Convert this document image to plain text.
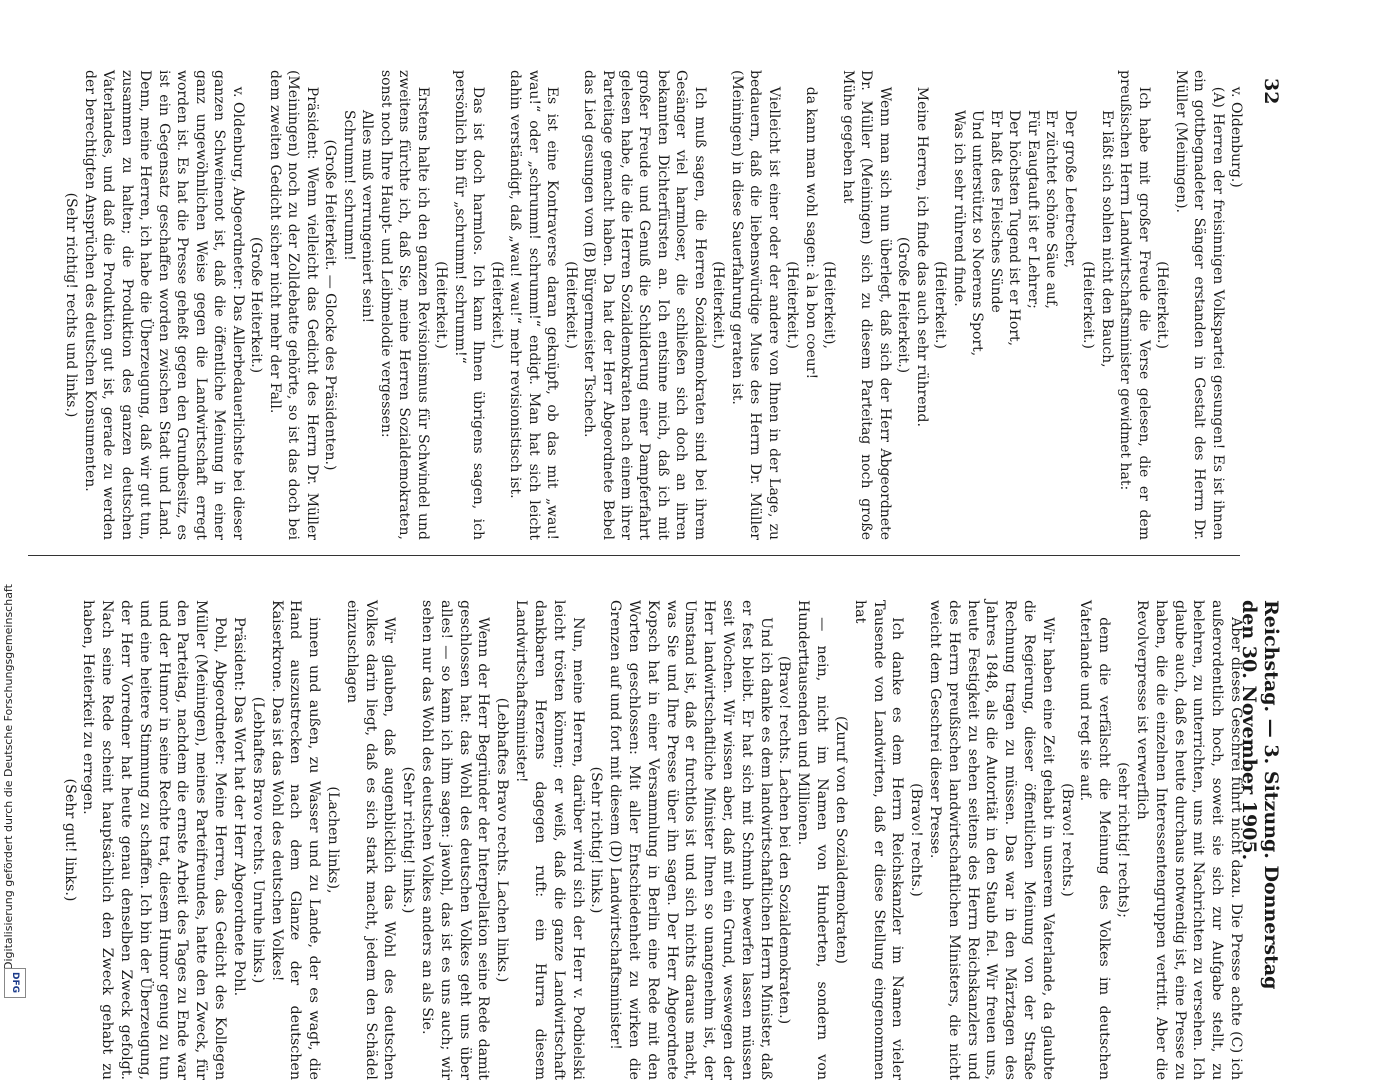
32
Reichstag. — 3. Sitzung. Donnerstag den 30. November 1905.

v. Oldenburg.)

(A) Herren der freisinnigen Volkspartei gesungen! Es ist ihnen ein gottbegnadeter Sänger erstanden in Gestalt des Herrn Dr. Müller (Meiningen).

(Heiterkeit.)

Ich habe mit großer Freude die Verse gelesen, die er dem preußischen Herrn Landwirtschaftsminister gewidmet hat:

Er läßt sich sohlen nicht den Bauch,

(Heiterkeit.)

Der große Leetrecher,

Er züchtet schöne Säue auf,

Für Eaugtauft ist er Lehrer;

Der höchsten Tugend ist er Hort,

Er haßt des Fleisches Sünde

Und unterstützt so Noerens Sport,

Was ich sehr rührend finde.

(Heiterkeit.)

Meine Herren, ich finde das auch sehr rührend.

(Große Heiterkeit.)

Wenn man sich nun überlegt, daß sich der Herr Abgeordnete Dr. Müller (Meiningen) sich zu diesem Parteitag noch große Mühe gegeben hat

(Heiterkeit),

da kann man wohl sagen: à la bon coeur!

(Heiterkeit.)

Vielleicht ist einer oder der andere von Ihnen in der Lage, zu bedauern, daß die liebenswürdige Muse des Herrn Dr. Müller (Meiningen) in diese Sauerfahrung geraten ist.

(Heiterkeit.)

Ich muß sagen, die Herren Sozialdemokraten sind bei ihrem Gesänger viel harmloser, die schließen sich doch an ihren bekannten Dichterfürsten an. Ich entsinne mich, daß ich mit großer Freude und Genuß die Schilderung einer Dampferfahrt gelesen habe, die die Herren Sozialdemokraten nach einem ihrer Parteitage gemacht haben. Da hat der Herr Abgeordnete Bebel das Lied gesungen vom (B) Bürgermeister Tschech.

(Heiterkeit.)

Es ist eine Kontraverse daran geknüpft, ob das mit „wau! wau!“ oder „schrumm! schrumm!“ endigt. Man hat sich leicht dahin verständigt, daß „wau! wau!“ mehr revisionistisch ist.

(Heiterkeit.)

Das ist doch harmlos. Ich kann Ihnen übrigens sagen, ich persönlich bin für „schrumm! schrumm!“

(Heiterkeit.)

Erstens halte ich den ganzen Revisionismus für Schwindel und zweitens fürchte ich, daß Sie, meine Herren Sozialdemokraten, sonst noch Ihre Haupt- und Leibmelodie vergessen:

Alles muß verrungeniert sein!

Schrumm! schrumm!

(Große Heiterkeit. — Glocke des Präsidenten.)

Präsident: Wenn vielleicht das Gedicht des Herrn Dr. Müller (Meiningen) noch zu der Zolldebatte gehörte, so ist das doch bei dem zweiten Gedicht sicher nicht mehr der Fall.

(Große Heiterkeit.)

v. Oldenburg, Abgeordneter: Das Allerbedauerlichste bei dieser ganzen Schweinenot ist, daß die öffentliche Meinung in einer ganz ungewöhnlichen Weise gegen die Landwirtschaft erregt worden ist. Es hat die Presse geheßt gegen den Grundbesitz, es ist ein Gegensatz geschaffen worden zwischen Stadt und Land. Denn, meine Herren, ich habe die Überzeugung, daß wir gut tun, zusammen zu halten; die Produktion des ganzen deutschen Vaterlandes, und daß die Produktion gut ist, gerade zu werden der berechtigten Ansprüchen des deutschen Konsumenten.

(Sehr richtig! rechts und links.)

Aber dieses Geschrei führt nicht dazu. Die Presse achte (C) ich außerordentlich hoch, soweit sie sich zur Aufgabe stellt, zu belehren, zu unterrichten, uns mit Nachrichten zu versehen. Ich glaube auch, daß es heute durchaus notwendig ist, eine Presse zu haben, die die einzelnen Interessentengruppen vertritt. Aber die Revolverpresse ist verwerflich

(sehr richtig! rechts);

denn die verfälscht die Meinung des Volkes im deutschen Vaterlande und regt sie auf.

(Bravo! rechts.)

Wir haben eine Zeit gehabt in unserem Vaterlande, da glaubte die Regierung, dieser öffentlichen Meinung von der Straße Rechnung tragen zu müssen. Das war in den Märztagen des Jahres 1848, als die Autorität in den Staub fiel. Wir freuen uns, heute Festigkeit zu sehen seitens des Herrn Reichskanzlers und des Herrn preußischen landwirtschaftlichen Ministers, die nicht weicht dem Geschrei dieser Presse.

(Bravo! rechts.)

Ich danke es dem Herrn Reichskanzler im Namen vieler Tausende von Landwirten, daß er diese Stellung eingenommen hat

(Zuruf von den Sozialdemokraten)

— nein, nicht im Namen von Hunderten, sondern von Hunderttausenden und Millionen.

(Bravo! rechts. Lachen bei den Sozialdemokraten.)

Und ich danke es dem landwirtschaftlichen Herrn Minister, daß er fest bleibt. Er hat sich mit Schmuh bewerfen lassen müssen seit Wochen. Wir wissen aber, daß mit ein Grund, weswegen der Herr landwirtschaftliche Minister Ihnen so unangenehm ist, der Umstand ist, daß er furchtlos ist und sich nichts daraus macht, was Sie und Ihre Presse über ihn sagen. Der Herr Abgeordnete Kopsch hat in einer Versammlung in Berlin eine Rede mit den Worten geschlossen: Mit aller Entschiedenheit zu wirken die Grenzen auf und fort mit diesem (D) Landwirtschaftsminister!

(Sehr richtig! links.)

Nun, meine Herren, darüber wird sich der Herr v. Podbielski leicht trösten können; er weiß, daß die ganze Landwirtschaft dankbaren Herzens dagegen ruft: ein Hurra diesem Landwirtschaftsminister!

(Lebhaftes Bravo rechts. Lachen links.)

Wenn der Herr Begründer der Interpellation seine Rede damit geschlossen hat: das Wohl des deutschen Volkes geht uns über alles! — so kann ich ihm sagen: jawohl, das ist es uns auch; wir sehen nur das Wohl des deutschen Volkes anders an als Sie.

(Sehr richtig! links.)

Wir glauben, daß augenblicklich das Wohl des deutschen Volkes darin liegt, daß es sich stark macht, jedem den Schädel einzuschlagen

(Lachen links),

innen und außen, zu Wasser und zu Lande, der es wagt, die Hand auszustrecken nach dem Glanze der deutschen Kaiserkrone. Das ist das Wohl des deutschen Volkes!

(Lebhaftes Bravo rechts. Unruhe links.)

Präsident: Das Wort hat der Herr Abgeordnete Pohl.

Pohl, Abgeordneter: Meine Herren, das Gedicht des Kollegen Müller (Meiningen), meines Parteifreundes, hatte den Zweck, für den Parteitag, nachdem die ernste Arbeit des Tages zu Ende war und der Humor in seine Rechte trat, diesem Humor genug zu tun und eine heitere Stimmung zu schaffen. Ich bin der Überzeugung, der Herr Vorredner hat heute genau denselben Zweck gefolgt. Nach seine Rede scheint hauptsächlich den Zweck gehabt zu haben, Heiterkeit zu erregen.

(Sehr gut! links.)

Digitalisierung gefördert durch die Deutsche Forschungsgemeinschaft
DFG
